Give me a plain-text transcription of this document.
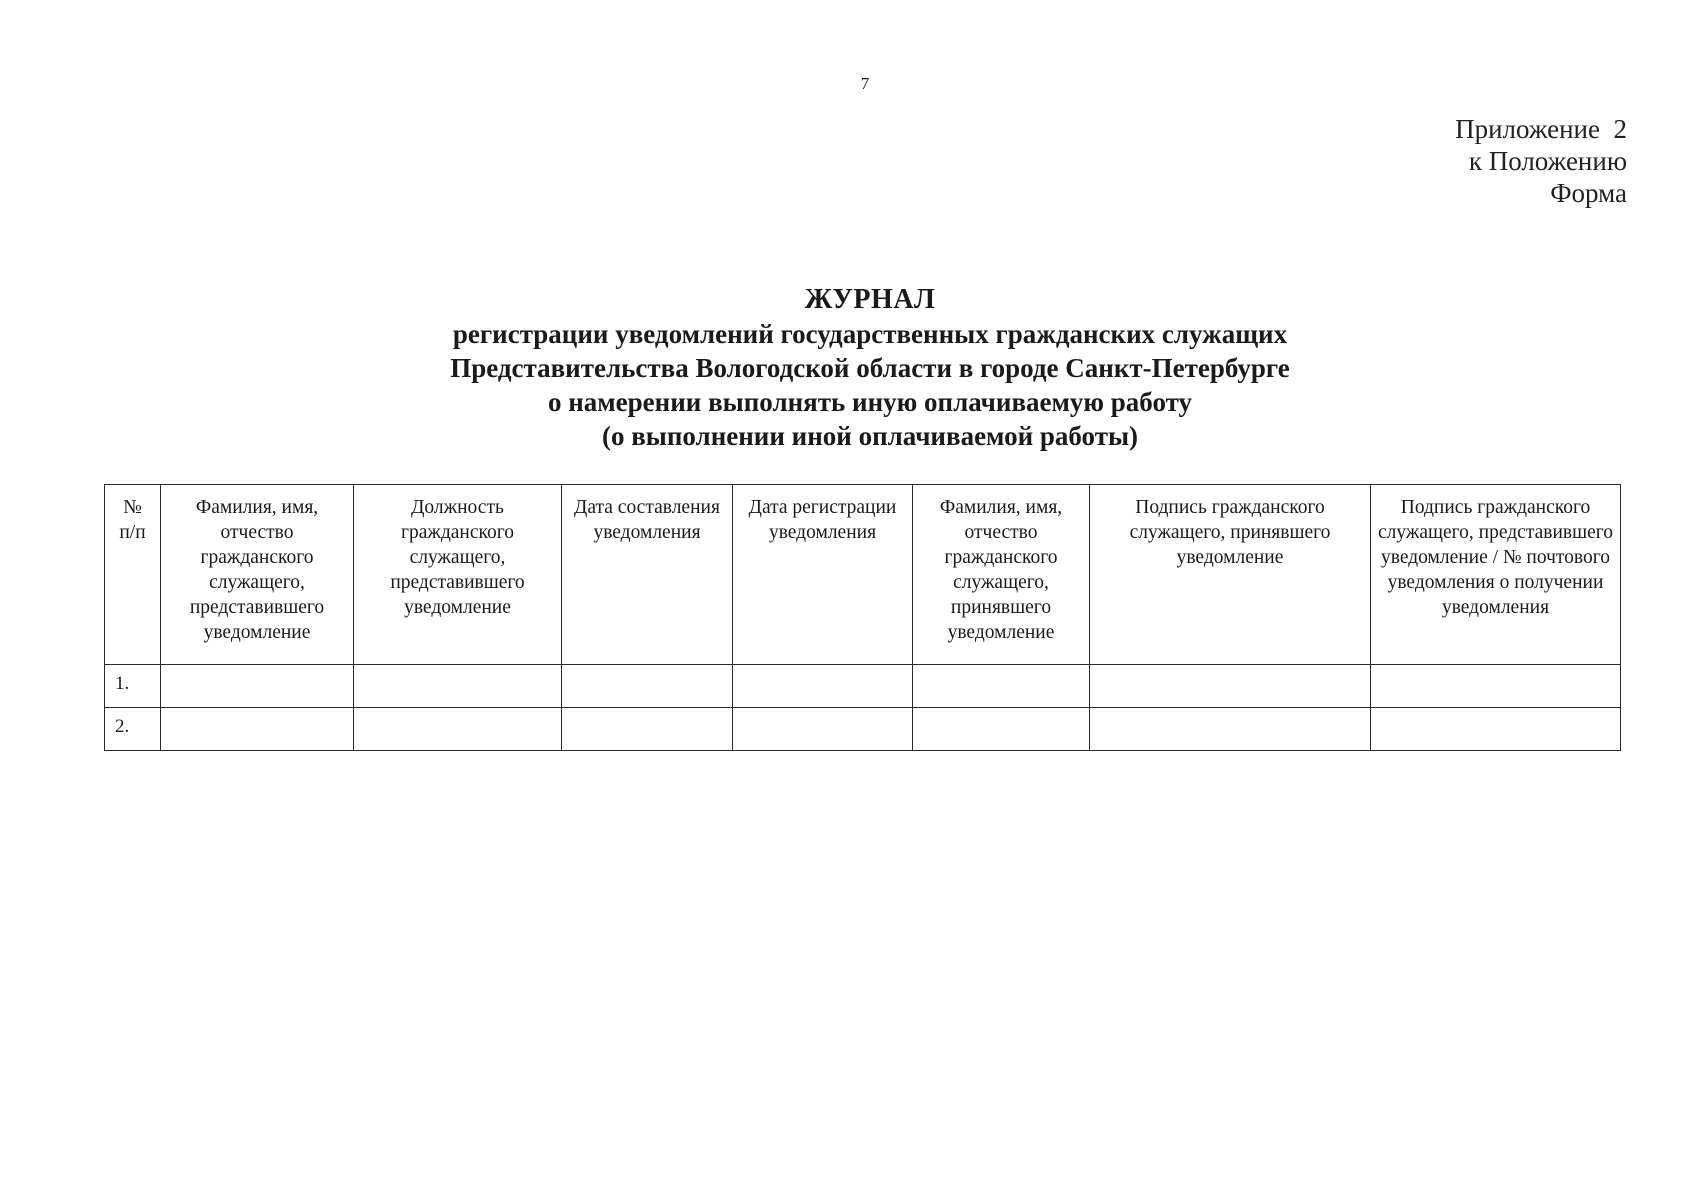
7
Приложение  2
к Положению
Форма
ЖУРНАЛ
регистрации уведомлений государственных гражданских служащих
Представительства Вологодской области в городе Санкт-Петербурге
о намерении выполнять иную оплачиваемую работу
(о выполнении иной оплачиваемой работы)
№ п/п	Фамилия, имя, отчество гражданского служащего, представившего уведомление	Должность гражданского служащего, представившего уведомление	Дата составления уведомления	Дата регистрации уведомления	Фамилия, имя, отчество гражданского служащего, принявшего уведомление	Подпись гражданского служащего, принявшего уведомление	Подпись гражданского служащего, представившего уведомление / № почтового уведомления о получении уведомления
1.							
2.							
